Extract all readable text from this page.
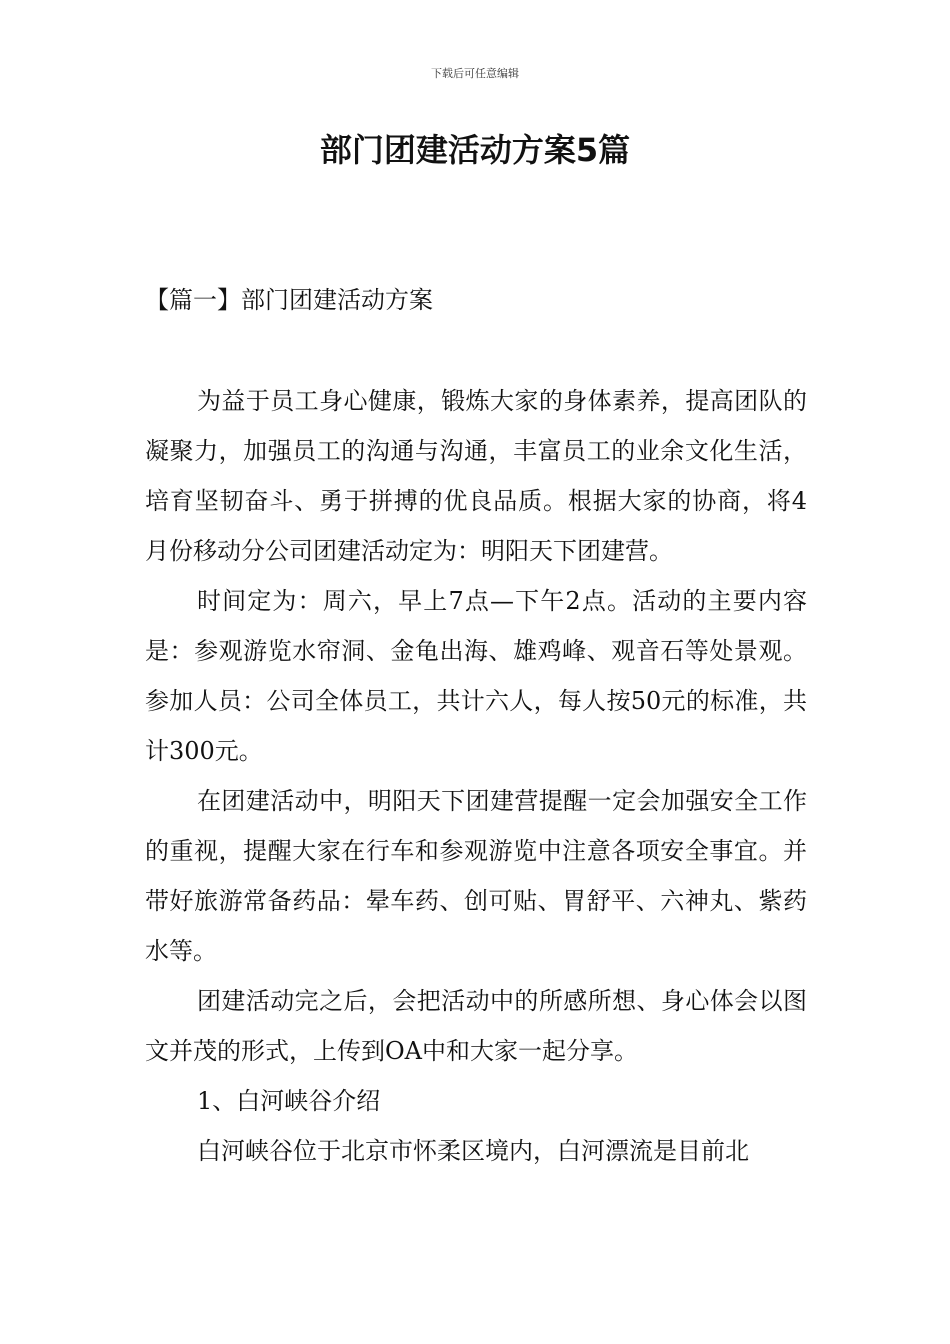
下载后可任意编辑
部门团建活动方案5篇
【篇一】部门团建活动方案

为益于员工身心健康，锻炼大家的身体素养，提高团队的凝聚力，加强员工的沟通与沟通，丰富员工的业余文化生活，培育坚韧奋斗、勇于拼搏的优良品质。根据大家的协商，将4月份移动分公司团建活动定为：明阳天下团建营。

时间定为：周六，早上7点—下午2点。活动的主要内容是：参观游览水帘洞、金龟出海、雄鸡峰、观音石等处景观。参加人员：公司全体员工，共计六人，每人按50元的标准，共计300元。

在团建活动中，明阳天下团建营提醒一定会加强安全工作的重视，提醒大家在行车和参观游览中注意各项安全事宜。并带好旅游常备药品：晕车药、创可贴、胃舒平、六神丸、紫药水等。

团建活动完之后，会把活动中的所感所想、身心体会以图文并茂的形式，上传到OA中和大家一起分享。

1、白河峡谷介绍

白河峡谷位于北京市怀柔区境内，白河漂流是目前北
